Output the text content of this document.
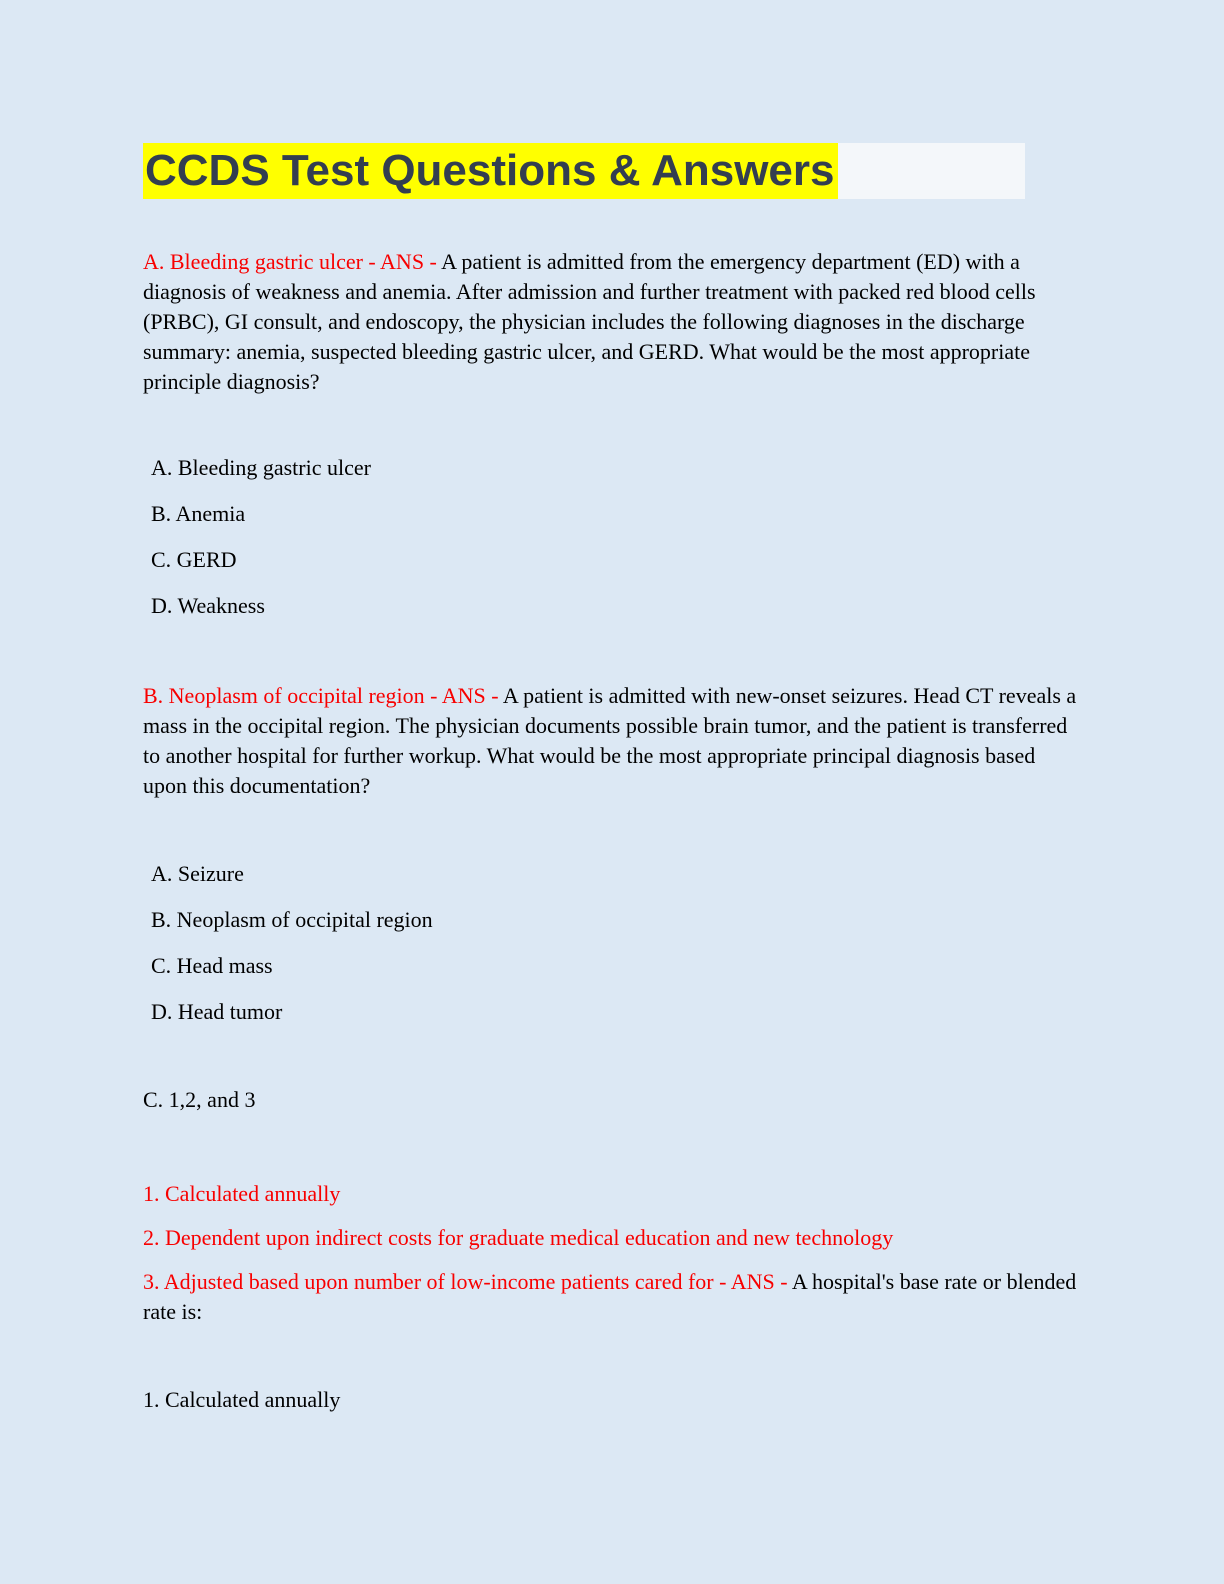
CCDS Test Questions & Answers

A. Bleeding gastric ulcer - ANS - A patient is admitted from the emergency department (ED) with a diagnosis of weakness and anemia. After admission and further treatment with packed red blood cells (PRBC), GI consult, and endoscopy, the physician includes the following diagnoses in the discharge summary: anemia, suspected bleeding gastric ulcer, and GERD. What would be the most appropriate principle diagnosis?

A. Bleeding gastric ulcer

B. Anemia

C. GERD

D. Weakness

B. Neoplasm of occipital region - ANS - A patient is admitted with new-onset seizures. Head CT reveals a mass in the occipital region. The physician documents possible brain tumor, and the patient is transferred to another hospital for further workup. What would be the most appropriate principal diagnosis based upon this documentation?

A. Seizure

B. Neoplasm of occipital region

C. Head mass

D. Head tumor

C. 1,2, and 3

1. Calculated annually

2. Dependent upon indirect costs for graduate medical education and new technology

3. Adjusted based upon number of low-income patients cared for - ANS - A hospital's base rate or blended rate is:

1. Calculated annually
